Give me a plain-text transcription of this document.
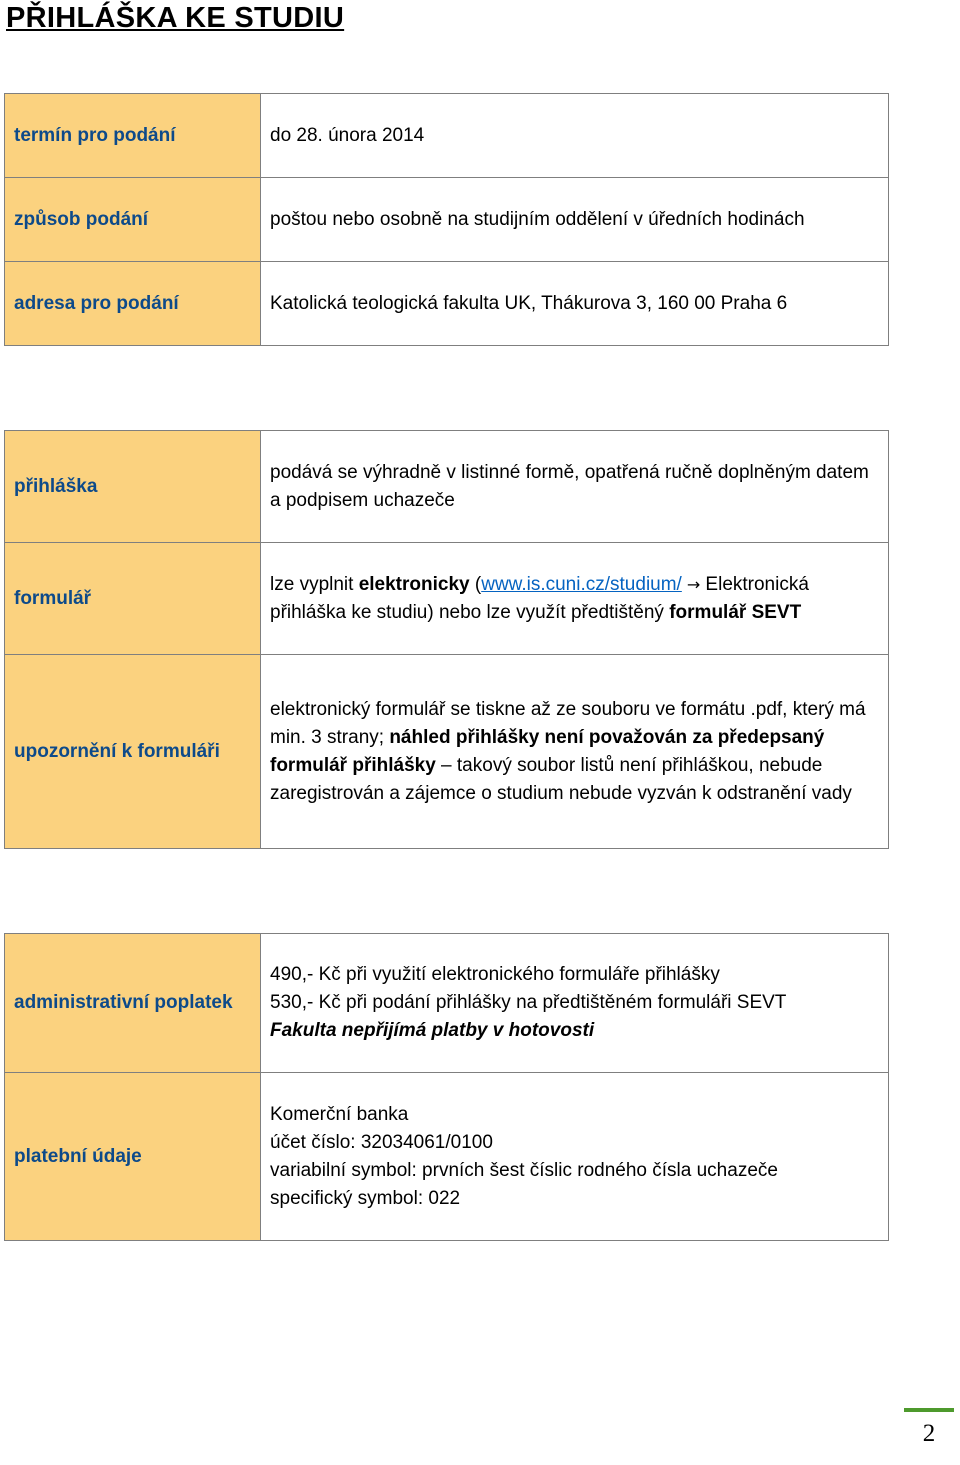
PŘIHLÁŠKA KE STUDIU
termín pro podání	do 28. února 2014
způsob podání	poštou nebo osobně na studijním oddělení v úředních hodinách
adresa pro podání	Katolická teologická fakulta UK, Thákurova 3, 160 00 Praha 6
přihláška	podává se výhradně v listinné formě, opatřená ručně doplněným datem a podpisem uchazeče
formulář	lze vyplnit elektronicky (www.is.cuni.cz/studium/ → Elektronická přihláška ke studiu) nebo lze využít předtištěný formulář SEVT
upozornění k formuláři	elektronický formulář se tiskne až ze souboru ve formátu .pdf, který má min. 3 strany; náhled přihlášky není považován za předepsaný formulář přihlášky – takový soubor listů není přihláškou, nebude zaregistrován a zájemce o studium nebude vyzván k odstranění vady
administrativní poplatek	490,- Kč při využití elektronického formuláře přihlášky
530,- Kč při podání přihlášky na předtištěném formuláři SEVT
Fakulta nepřijímá platby v hotovosti

platební údaje	Komerční banka
účet číslo: 32034061/0100
variabilní symbol: prvních šest číslic rodného čísla uchazeče
specifický symbol: 022
2
